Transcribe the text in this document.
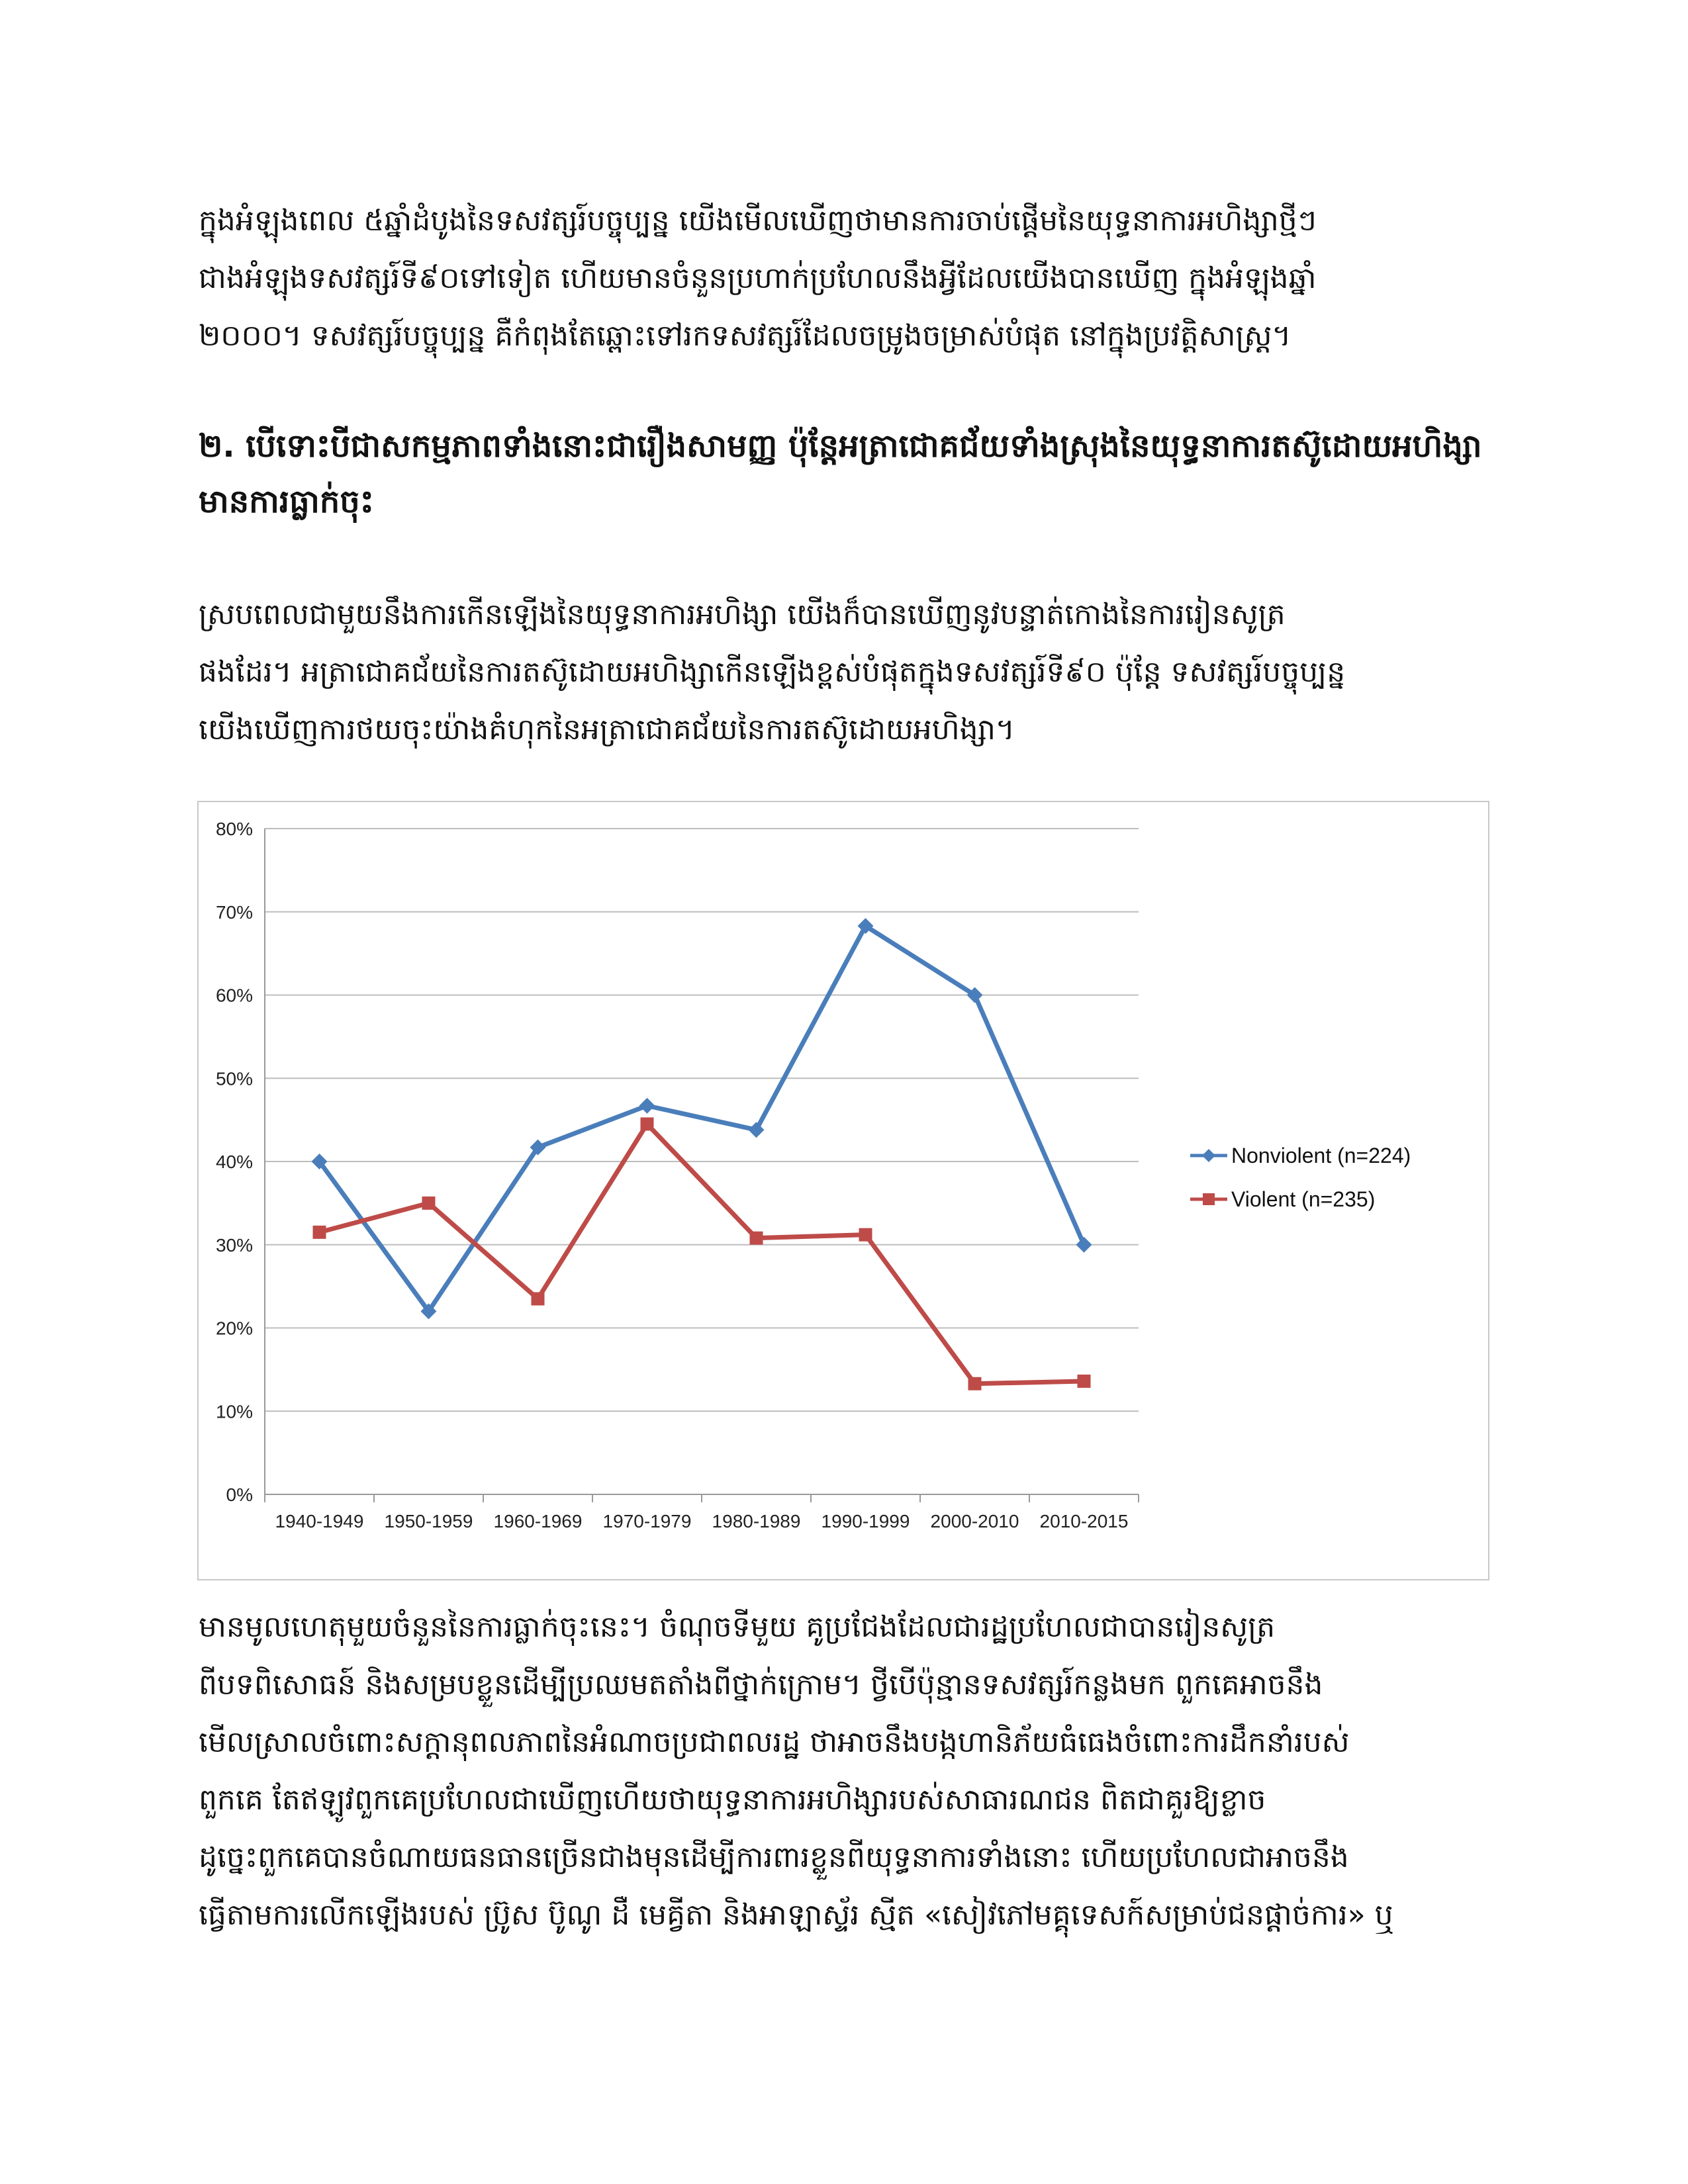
ក្នុងអំឡុងពេល ៥ឆ្នាំដំបូងនៃទសវត្សរ៍បច្ចុប្បន្ន យើងមើលឃើញថាមានការចាប់ផ្ដើមនៃយុទ្ធនាការអហិង្សាថ្មីៗ
ជាងអំឡុងទសវត្សរ៍ទី៩០ទៅទៀត ហើយមានចំនួនប្រហាក់ប្រហែលនឹងអ្វីដែលយើងបានឃើញ ក្នុងអំឡុងឆ្នាំ
២០០០។ ទសវត្សរ៍បច្ចុប្បន្ន គឺកំពុងតែឆ្ពោះទៅរកទសវត្សរ៍ដែលចម្រូងចម្រាស់បំផុត នៅក្នុងប្រវត្តិសាស្ត្រ។
២. បើទោះបីជាសកម្មភាពទាំងនោះជារឿងសាមញ្ញ ប៉ុន្ដែអត្រាជោគជ័យទាំងស្រុងនៃយុទ្ធនាការតស៊ូដោយអហិង្សា
មានការធ្លាក់ចុះ
ស្របពេលជាមួយនឹងការកើនឡើងនៃយុទ្ធនាការអហិង្សា យើងក៏បានឃើញនូវបន្ទាត់កោងនៃការរៀនសូត្រ
ផងដែរ។ អត្រាជោគជ័យនៃការតស៊ូដោយអហិង្សាកើនឡើងខ្ពស់បំផុតក្នុងទសវត្សរ៍ទី៩០ ប៉ុន្ដែ ទសវត្សរ៍បច្ចុប្បន្ន
យើងឃើញការថយចុះយ៉ាងគំហុកនៃអត្រាជោគជ័យនៃការតស៊ូដោយអហិង្សា។
0%
10%
20%
30%
40%
50%
60%
70%
80%
1940-1949 1950-1959 1960-1969 1970-1979 1980-1989 1990-1999 2000-2010 2010-2015
Nonviolent (n=224)
Violent (n=235)
មានមូលហេតុមួយចំនួននៃការធ្លាក់ចុះនេះ។ ចំណុចទីមួយ គូប្រជែងដែលជារដ្ឋប្រហែលជាបានរៀនសូត្រ
ពីបទពិសោធន៍ និងសម្របខ្លួនដើម្បីប្រឈមតតាំងពីថ្នាក់ក្រោម។ ថ្វីបើប៉ុន្មានទសវត្សរ៍កន្លងមក ពួកគេអាចនឹង
មើលស្រាលចំពោះសក្ដានុពលភាពនៃអំណាចប្រជាពលរដ្ឋ ថាអាចនឹងបង្កហានិភ័យធំធេងចំពោះការដឹកនាំរបស់
ពួកគេ តែឥឡូវពួកគេប្រហែលជាឃើញហើយថាយុទ្ធនាការអហិង្សារបស់សាធារណជន ពិតជាគួរឱ្យខ្លាច
ដូច្នេះពួកគេបានចំណាយធនធានច្រើនជាងមុនដើម្បីការពារខ្លួនពីយុទ្ធនាការទាំងនោះ ហើយប្រហែលជាអាចនឹង
ធ្វើតាមការលើកឡើងរបស់ ប្រ៊ូស ប៊ូណូ ដឺ មេគ្វីតា និងអាឡាស្ទ័រ ស្មីត «សៀវភៅមគ្គុទេសក៍សម្រាប់ជនផ្ដាច់ការ» ឬ
